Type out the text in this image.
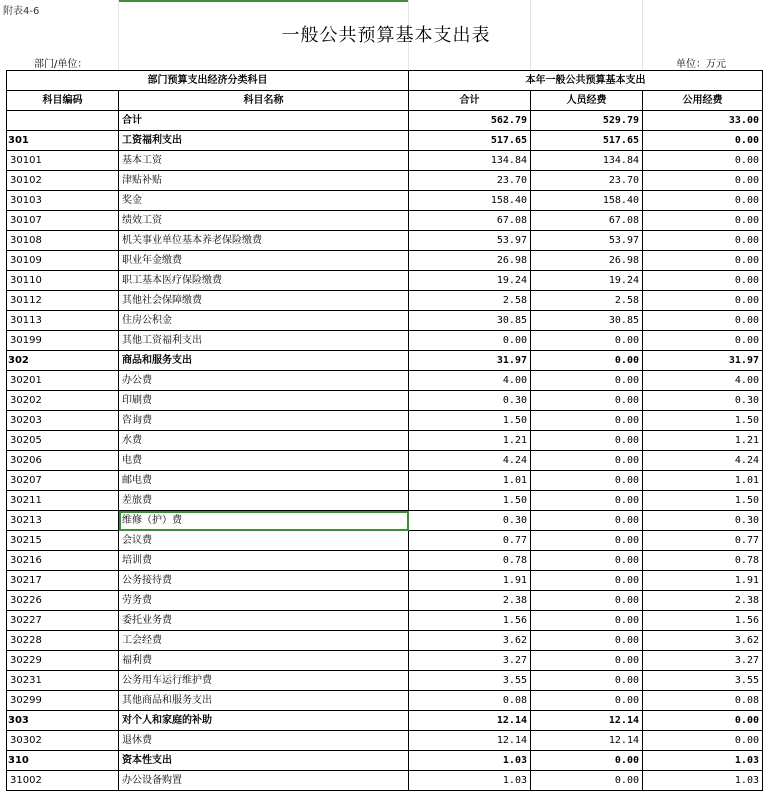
附表4-6
一般公共预算基本支出表
部门/单位：	单位：万元
部门预算支出经济分类科目		本年一般公共预算基本支出		
科目编码	科目名称	合计	人员经费	公用经费
	合计	562.79	529.79	33.00
301	工资福利支出	517.65	517.65	0.00
30101	基本工资	134.84	134.84	0.00
30102	津贴补贴	23.70	23.70	0.00
30103	奖金	158.40	158.40	0.00
30107	绩效工资	67.08	67.08	0.00
30108	机关事业单位基本养老保险缴费	53.97	53.97	0.00
30109	职业年金缴费	26.98	26.98	0.00
30110	职工基本医疗保险缴费	19.24	19.24	0.00
30112	其他社会保障缴费	2.58	2.58	0.00
30113	住房公积金	30.85	30.85	0.00
30199	其他工资福利支出	0.00	0.00	0.00
302	商品和服务支出	31.97	0.00	31.97
30201	办公费	4.00	0.00	4.00
30202	印刷费	0.30	0.00	0.30
30203	咨询费	1.50	0.00	1.50
30205	水费	1.21	0.00	1.21
30206	电费	4.24	0.00	4.24
30207	邮电费	1.01	0.00	1.01
30211	差旅费	1.50	0.00	1.50
30213	维修（护）费	0.30	0.00	0.30
30215	会议费	0.77	0.00	0.77
30216	培训费	0.78	0.00	0.78
30217	公务接待费	1.91	0.00	1.91
30226	劳务费	2.38	0.00	2.38
30227	委托业务费	1.56	0.00	1.56
30228	工会经费	3.62	0.00	3.62
30229	福利费	3.27	0.00	3.27
30231	公务用车运行维护费	3.55	0.00	3.55
30299	其他商品和服务支出	0.08	0.00	0.08
303	对个人和家庭的补助	12.14	12.14	0.00
30302	退休费	12.14	12.14	0.00
310	资本性支出	1.03	0.00	1.03
31002	办公设备购置	1.03	0.00	1.03
